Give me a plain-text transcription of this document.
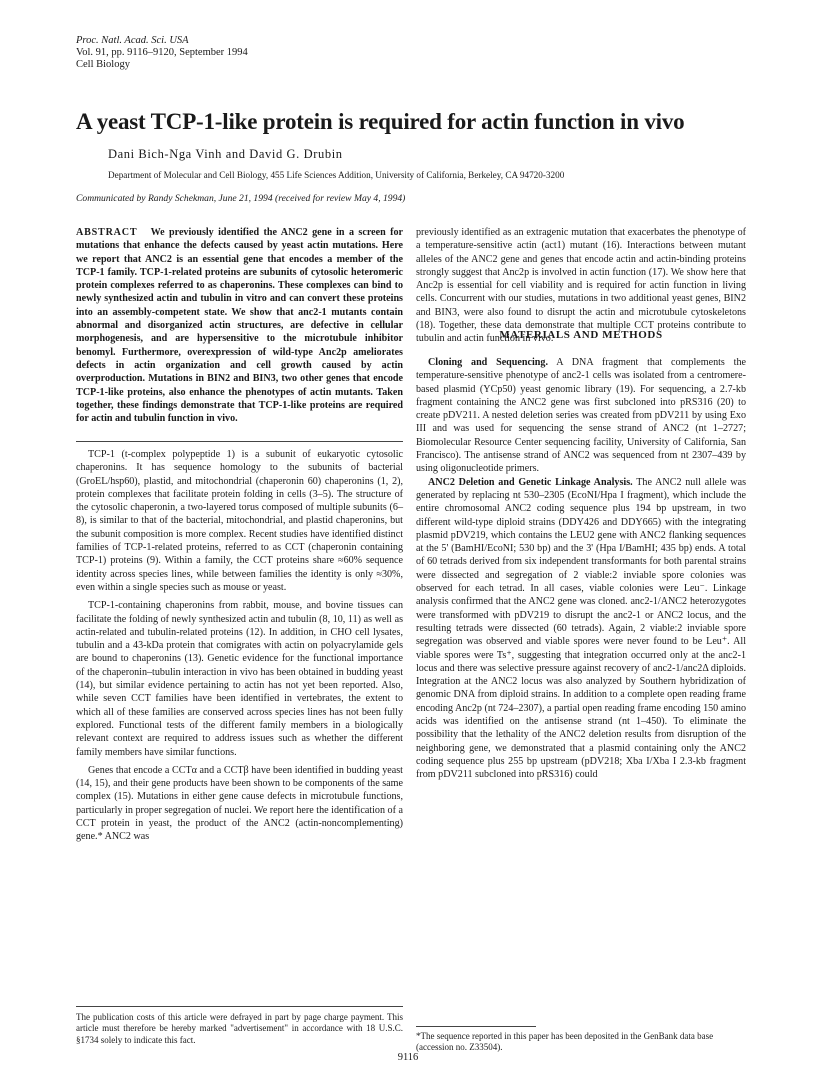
Proc. Natl. Acad. Sci. USA
Vol. 91, pp. 9116–9120, September 1994
Cell Biology
A yeast TCP-1-like protein is required for actin function in vivo
Dani Bich-Nga Vinh and David G. Drubin
Department of Molecular and Cell Biology, 455 Life Sciences Addition, University of California, Berkeley, CA 94720-3200
Communicated by Randy Schekman, June 21, 1994 (received for review May 4, 1994)
ABSTRACT We previously identified the ANC2 gene in a screen for mutations that enhance the defects caused by yeast actin mutations. Here we report that ANC2 is an essential gene that encodes a member of the TCP-1 family. TCP-1-related proteins are subunits of cytosolic heteromeric protein complexes referred to as chaperonins. These complexes can bind to newly synthesized actin and tubulin in vitro and can convert these proteins into an assembly-competent state. We show that anc2-1 mutants contain abnormal and disorganized actin structures, are defective in cellular morphogenesis, and are hypersensitive to the microtubule inhibitor benomyl. Furthermore, overexpression of wild-type Anc2p ameliorates defects in actin organization and cell growth caused by actin overproduction. Mutations in BIN2 and BIN3, two other genes that encode TCP-1-like proteins, also enhance the phenotypes of actin mutants. Taken together, these findings demonstrate that TCP-1-like proteins are required for actin and tubulin function in vivo.

TCP-1 (t-complex polypeptide 1) is a subunit of eukaryotic cytosolic chaperonins. It has sequence homology to the subunits of bacterial (GroEL/hsp60), plastid, and mitochondrial (chaperonin 60) chaperonins (1, 2), protein complexes that facilitate protein folding in cells (3–5). The structure of the cytosolic chaperonin, a two-layered torus composed of multiple subunits (6–8), is similar to that of the bacterial, mitochondrial, and plastid chaperonins, but the subunit composition is more complex. Recent studies have identified distinct families of TCP-1-related proteins, referred to as CCT (chaperonin containing TCP-1) proteins (9). Within a family, the CCT proteins share ≈60% sequence identity across species lines, while between families the identity is only ≈30%, even within a single species such as mouse or yeast.

TCP-1-containing chaperonins from rabbit, mouse, and bovine tissues can facilitate the folding of newly synthesized actin and tubulin (8, 10, 11) as well as actin-related and tubulin-related proteins (12). In addition, in CHO cell lysates, tubulin and a 43-kDa protein that comigrates with actin on polyacrylamide gels are bound to chaperonins (13). Genetic evidence for the functional importance of the chaperonin–tubulin interaction in vivo has been obtained in budding yeast (14), but similar evidence pertaining to actin has not yet been reported. Also, while seven CCT families have been identified in vertebrates, the extent to which all of these families are conserved across species lines has not been fully explored. Functional tests of the different family members in a biologically relevant context are required to address issues such as whether the different family members have similar functions.

Genes that encode a CCTα and a CCTβ have been identified in budding yeast (14, 15), and their gene products have been shown to be components of the same complex (15). Mutations in either gene cause defects in microtubule functions, particularly in proper segregation of nuclei. We report here the identification of a CCT protein in yeast, the product of the ANC2 (actin-noncomplementing) gene.* ANC2 was

The publication costs of this article were defrayed in part by page charge payment. This article must therefore be hereby marked "advertisement" in accordance with 18 U.S.C. §1734 solely to indicate this fact.

previously identified as an extragenic mutation that exacerbates the phenotype of a temperature-sensitive actin (act1) mutant (16). Interactions between mutant alleles of the ANC2 gene and genes that encode actin and actin-binding proteins strongly suggest that Anc2p is involved in actin function (17). We show here that Anc2p is essential for cell viability and is required for actin function in living cells. Concurrent with our studies, mutations in two additional yeast genes, BIN2 and BIN3, were also found to disrupt the actin and microtubule cytoskeletons (18). Together, these data demonstrate that multiple CCT proteins contribute to tubulin and actin function in vivo.

MATERIALS AND METHODS

Cloning and Sequencing. A DNA fragment that complements the temperature-sensitive phenotype of anc2-1 cells was isolated from a centromere-based plasmid (YCp50) yeast genomic library (19). For sequencing, a 2.7-kb fragment containing the ANC2 gene was first subcloned into pRS316 (20) to create pDV211. A nested deletion series was created from pDV211 by using Exo III and was used for sequencing the sense strand of ANC2 (nt 1–2727; Biomolecular Resource Center sequencing facility, University of California, San Francisco). The antisense strand of ANC2 was sequenced from nt 2307–439 by using oligonucleotide primers.

ANC2 Deletion and Genetic Linkage Analysis. The ANC2 null allele was generated by replacing nt 530–2305 (EcoNI/Hpa I fragment), which include the entire chromosomal ANC2 coding sequence plus 194 bp upstream, in two different wild-type diploid strains (DDY426 and DDY665) with the integrating plasmid pDV219, which contains the LEU2 gene with ANC2 flanking sequences at the 5' (BamHI/EcoNI; 530 bp) and the 3' (Hpa I/BamHI; 435 bp) ends. A total of 60 tetrads derived from six independent transformants for both parental strains were dissected and segregation of 2 viable:2 inviable spore colonies was observed for each tetrad. In all cases, viable colonies were Leu⁻. Linkage analysis confirmed that the ANC2 gene was cloned. anc2-1/ANC2 heterozygotes were transformed with pDV219 to disrupt the anc2-1 or ANC2 locus, and the resulting tetrads were dissected (60 tetrads). Again, 2 viable:2 inviable spore segregation was observed and viable spores were never found to be Leu⁺. All viable spores were Ts⁺, suggesting that integration occurred only at the anc2-1 locus and there was selective pressure against recovery of anc2-1/anc2Δ diploids. Integration at the ANC2 locus was also analyzed by Southern hybridization of genomic DNA from diploid strains. In addition to a complete open reading frame encoding Anc2p (nt 724–2307), a partial open reading frame encoding 150 amino acids was identified on the antisense strand (nt 1–450). To eliminate the possibility that the lethality of the ANC2 deletion results from disruption of the neighboring gene, we demonstrated that a plasmid containing only the ANC2 coding sequence plus 255 bp upstream (pDV218; Xba I/Xba I 2.3-kb fragment from pDV211 subcloned into pRS316) could

*The sequence reported in this paper has been deposited in the GenBank data base (accession no. Z33504).
9116
